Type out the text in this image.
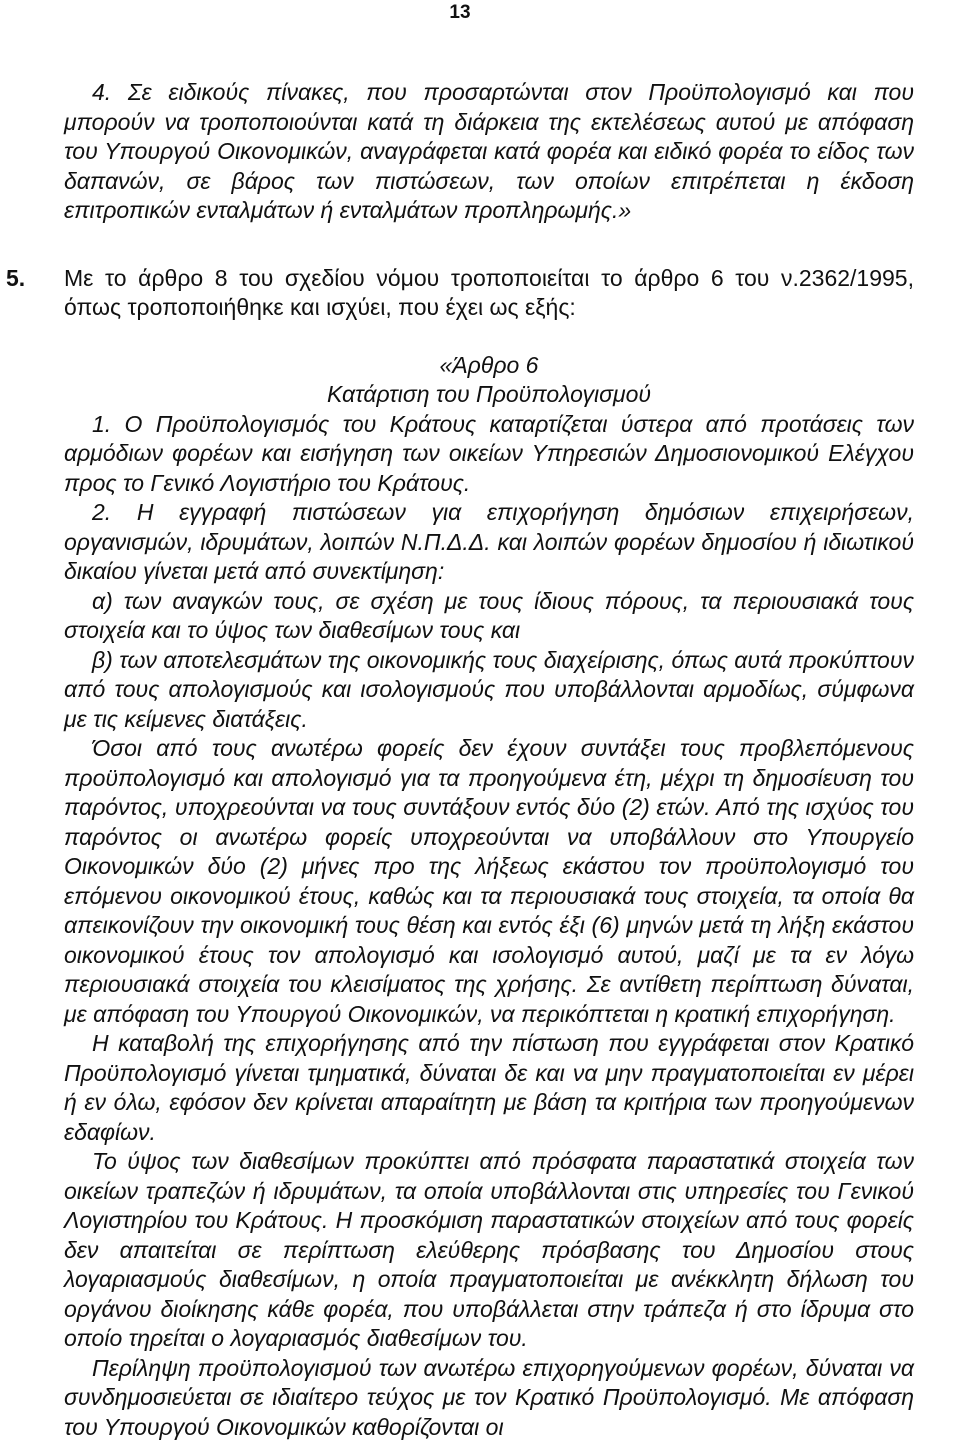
13

4. Σε ειδικούς πίνακες, που προσαρτώνται στον Προϋπολογισμό και που μπορούν να τροποποιούνται κατά τη διάρκεια της εκτελέσεως αυτού με απόφαση του Υπουργού Οικονομικών, αναγράφεται κατά φορέα και ειδικό φορέα το είδος των δαπανών, σε βάρος των πιστώσεων, των οποίων επιτρέπεται η έκδοση επιτροπικών ενταλμάτων ή ενταλμάτων προπληρωμής.»

5. Με το άρθρο 8 του σχεδίου νόμου τροποποιείται το άρθρο 6 του ν.2362/1995, όπως τροποποιήθηκε και ισχύει, που έχει ως εξής:

«Άρθρο 6

Κατάρτιση του Προϋπολογισμού

1. Ο Προϋπολογισμός του Κράτους καταρτίζεται ύστερα από προτάσεις των αρμόδιων φορέων και εισήγηση των οικείων Υπηρεσιών Δημοσιονομικού Ελέγχου προς το Γενικό Λογιστήριο του Κράτους.

2. Η εγγραφή πιστώσεων για επιχορήγηση δημόσιων επιχειρήσεων, οργανισμών, ιδρυμάτων, λοιπών Ν.Π.Δ.Δ. και λοιπών φορέων δημοσίου ή ιδιωτικού δικαίου γίνεται μετά από συνεκτίμηση:

α) των αναγκών τους, σε σχέση με τους ίδιους πόρους, τα περιουσιακά τους στοιχεία και το ύψος των διαθεσίμων τους και

β) των αποτελεσμάτων της οικονομικής τους διαχείρισης, όπως αυτά προκύπτουν από τους απολογισμούς και ισολογισμούς που υποβάλλονται αρμοδίως, σύμφωνα με τις κείμενες διατάξεις.

Όσοι από τους ανωτέρω φορείς δεν έχουν συντάξει τους προβλεπόμενους προϋπολογισμό και απολογισμό για τα προηγούμενα έτη, μέχρι τη δημοσίευση του παρόντος, υποχρεούνται να τους συντάξουν εντός δύο (2) ετών. Από της ισχύος του παρόντος οι ανωτέρω φορείς υποχρεούνται να υποβάλλουν στο Υπουργείο Οικονομικών δύο (2) μήνες προ της λήξεως εκάστου τον προϋπολογισμό του επόμενου οικονομικού έτους, καθώς και τα περιουσιακά τους στοιχεία, τα οποία θα απεικονίζουν την οικονομική τους θέση και εντός έξι (6) μηνών μετά τη λήξη εκάστου οικονομικού έτους τον απολογισμό και ισολογισμό αυτού, μαζί με τα εν λόγω περιουσιακά στοιχεία του κλεισίματος της χρήσης. Σε αντίθετη περίπτωση δύναται, με απόφαση του Υπουργού Οικονομικών, να περικόπτεται η κρατική επιχορήγηση.

Η καταβολή της επιχορήγησης από την πίστωση που εγγράφεται στον Κρατικό Προϋπολογισμό γίνεται τμηματικά, δύναται δε και να μην πραγματοποιείται εν μέρει ή εν όλω, εφόσον δεν κρίνεται απαραίτητη με βάση τα κριτήρια των προηγούμενων εδαφίων.

Το ύψος των διαθεσίμων προκύπτει από πρόσφατα παραστατικά στοιχεία των οικείων τραπεζών ή ιδρυμάτων, τα οποία υποβάλλονται στις υπηρεσίες του Γενικού Λογιστηρίου του Κράτους. Η προσκόμιση παραστατικών στοιχείων από τους φορείς δεν απαιτείται σε περίπτωση ελεύθερης πρόσβασης του Δημοσίου στους λογαριασμούς διαθεσίμων, η οποία πραγματοποιείται με ανέκκλητη δήλωση του οργάνου διοίκησης κάθε φορέα, που υποβάλλεται στην τράπεζα ή στο ίδρυμα στο οποίο τηρείται ο λογαριασμός διαθεσίμων του.

Περίληψη προϋπολογισμού των ανωτέρω επιχορηγούμενων φορέων, δύναται να συνδημοσιεύεται σε ιδιαίτερο τεύχος με τον Κρατικό Προϋπολογισμό. Με απόφαση του Υπουργού Οικονομικών καθορίζονται οι
